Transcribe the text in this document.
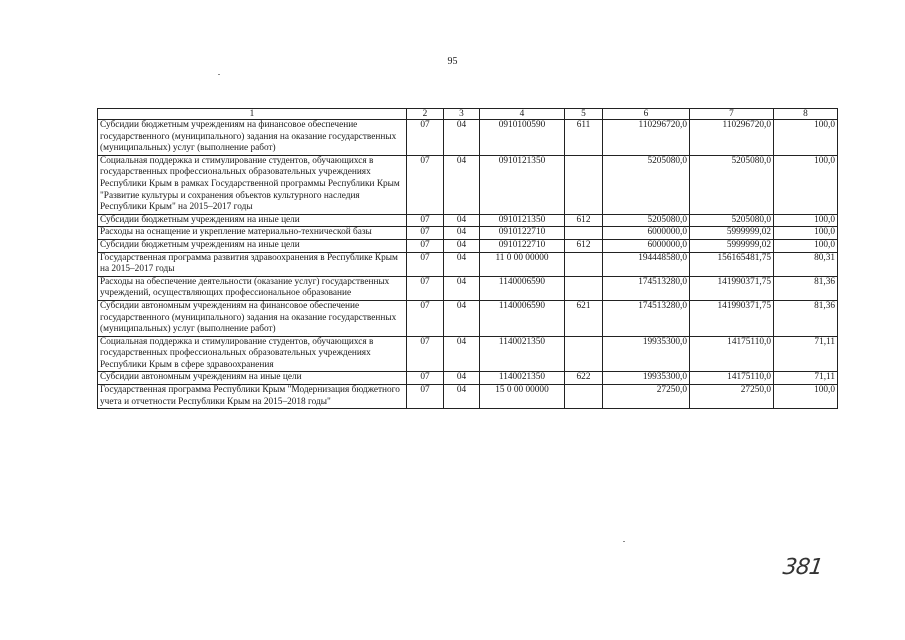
95
1	2	3	4	5	6	7	8
Субсидии бюджетным учреждениям на финансовое обеспечение государственного (муниципального) задания на оказание государственных (муниципальных) услуг (выполнение работ)	07	04	0910100590	611	110296720,0	110296720,0	100,0
Социальная поддержка и стимулирование студентов, обучающихся в государственных профессиональных образовательных учреждениях Республики Крым в рамках Государственной программы Республики Крым "Развитие культуры и сохранения объектов культурного наследия Республики Крым" на 2015–2017 годы	07	04	0910121350		5205080,0	5205080,0	100,0
Субсидии бюджетным учреждениям на иные цели	07	04	0910121350	612	5205080,0	5205080,0	100,0
Расходы на оснащение и укрепление материально-технической базы	07	04	0910122710		6000000,0	5999999,02	100,0
Субсидии бюджетным учреждениям на иные цели	07	04	0910122710	612	6000000,0	5999999,02	100,0
Государственная программа развития здравоохранения в Республике Крым на 2015–2017 годы	07	04	11 0 00 00000		194448580,0	156165481,75	80,31
Расходы на обеспечение деятельности (оказание услуг) государственных учреждений, осуществляющих профессиональное образование	07	04	1140006590		174513280,0	141990371,75	81,36
Субсидии автономным учреждениям на финансовое обеспечение государственного (муниципального) задания на оказание государственных (муниципальных) услуг (выполнение работ)	07	04	1140006590	621	174513280,0	141990371,75	81,36
Социальная поддержка и стимулирование студентов, обучающихся в государственных профессиональных образовательных учреждениях Республики Крым в сфере здравоохранения	07	04	1140021350		19935300,0	14175110,0	71,11
Субсидии автономным учреждениям на иные цели	07	04	1140021350	622	19935300,0	14175110,0	71,11
Государственная программа Республики Крым "Модернизация бюджетного учета и отчетности Республики Крым на 2015–2018 годы"	07	04	15 0 00 00000		27250,0	27250,0	100,0
381
